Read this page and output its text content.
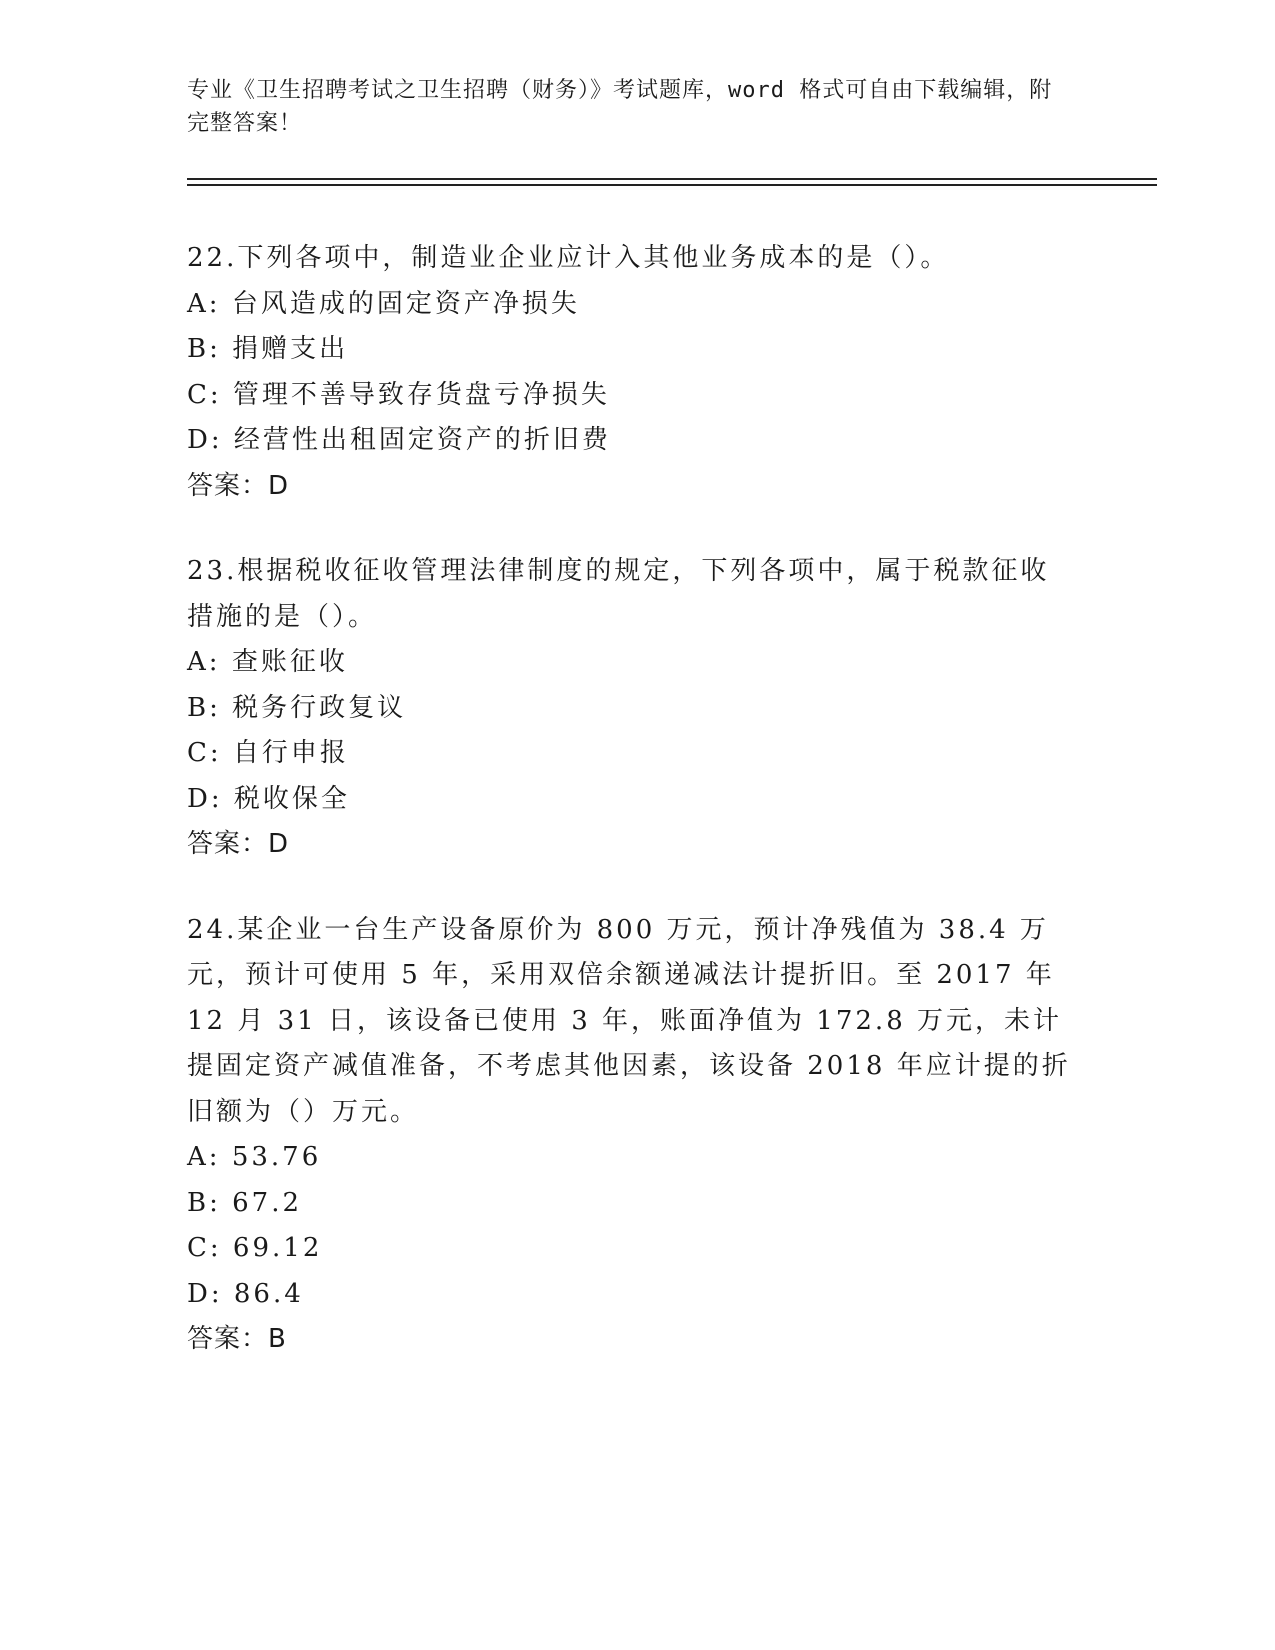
专业《卫生招聘考试之卫生招聘（财务）》考试题库，word 格式可自由下载编辑，附完整答案！
22.下列各项中，制造业企业应计入其他业务成本的是（）。
A: 台风造成的固定资产净损失
B: 捐赠支出
C: 管理不善导致存货盘亏净损失
D: 经营性出租固定资产的折旧费
答案：D
23.根据税收征收管理法律制度的规定，下列各项中，属于税款征收措施的是（）。
A: 查账征收
B: 税务行政复议
C: 自行申报
D: 税收保全
答案：D
24.某企业一台生产设备原价为 800 万元，预计净残值为 38.4 万元，预计可使用 5 年，采用双倍余额递减法计提折旧。至 2017 年 12 月 31 日，该设备已使用 3 年，账面净值为 172.8 万元，未计提固定资产减值准备，不考虑其他因素，该设备 2018 年应计提的折旧额为（）万元。
A: 53.76
B: 67.2
C: 69.12
D: 86.4
答案：B
